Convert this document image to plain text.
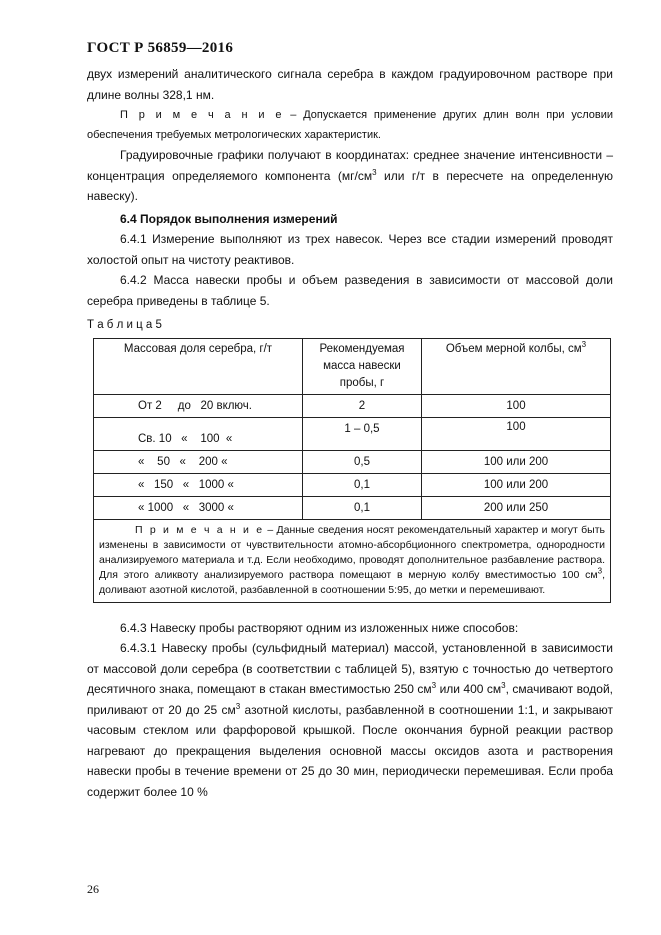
ГОСТ Р 56859—2016

двух измерений аналитического сигнала серебра в каждом градуировочном растворе при длине волны 328,1 нм.

П р и м е ч а н и е – Допускается применение других длин волн при условии обеспечения требуемых метрологических характеристик.

Градуировочные графики получают в координатах: среднее значение интенсивности – концентрация определяемого компонента ($мг/см^3$ или г/т в пересчете на определенную навеску).

6.4 Порядок выполнения измерений

6.4.1 Измерение выполняют из трех навесок. Через все стадии измерений проводят холостой опыт на чистоту реактивов.

6.4.2 Масса навески пробы и объем разведения в зависимости от массовой доли серебра приведены в таблице 5.

Т а б л и ц а 5

Массовая доля серебра, г/т	Рекомендуемая масса навески пробы, г	Объем мерной колбы, $см^3$
От 2     до   20 включ.	2	100
Св. 10   «    100  «	1 – 0,5	100
«    50   «    200 «	0,5	100 или 200
«   150   «   1000 «	0,1	100 или 200
« 1000   «   3000 «	0,1	200 или 250
П р и м е ч а н и е – Данные сведения носят рекомендательный характер и могут быть изменены в зависимости от чувствительности атомно-абсорбционного спектрометра, однородности анализируемого материала и т.д. Если необходимо, проводят дополнительное разбавление раствора. Для этого аликвоту анализируемого раствора помещают в мерную колбу вместимостью 100 $см^3$, доливают азотной кислотой, разбавленной в соотношении 5:95, до метки и перемешивают.		

6.4.3 Навеску пробы растворяют одним из изложенных ниже способов:

6.4.3.1 Навеску пробы (сульфидный материал) массой, установленной в зависимости от массовой доли серебра (в соответствии с таблицей 5), взятую с точностью до четвертого десятичного знака, помещают в стакан вместимостью 250 $см^3$ или 400 $см^3$, смачивают водой, приливают от 20 до 25 $см^3$ азотной кислоты, разбавленной в соотношении 1:1, и закрывают часовым стеклом или фарфоровой крышкой. После окончания бурной реакции раствор нагревают до прекращения выделения основной массы оксидов азота и растворения навески пробы в течение времени от 25 до 30 мин, периодически перемешивая. Если проба содержит более 10 %

26
